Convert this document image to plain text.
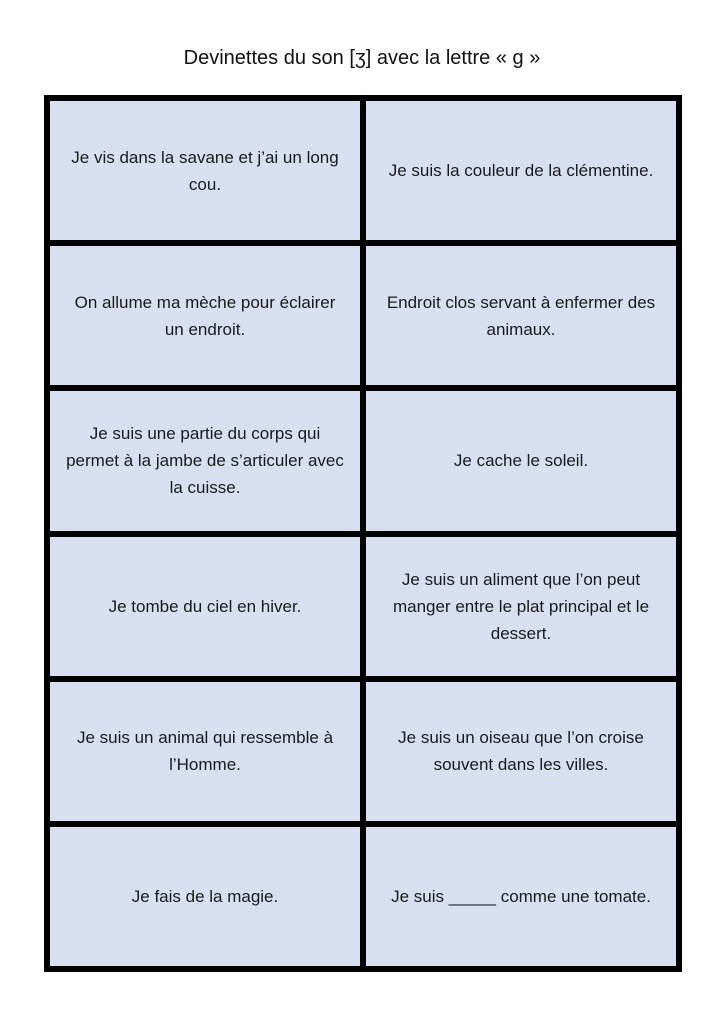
Devinettes du son [ʒ] avec la lettre « g »
Je vis dans la savane et j’ai un long cou.
Je suis la couleur de la clémentine.
On allume ma mèche pour éclairer un endroit.
Endroit clos servant à enfermer des animaux.
Je suis une partie du corps qui permet à la jambe de s’articuler avec la cuisse.
Je cache le soleil.
Je tombe du ciel en hiver.
Je suis un aliment que l’on peut manger entre le plat principal et le dessert.
Je suis un animal qui ressemble à l’Homme.
Je suis un oiseau que l’on croise souvent dans les villes.
Je fais de la magie.	Je suis _____ comme une tomate.
